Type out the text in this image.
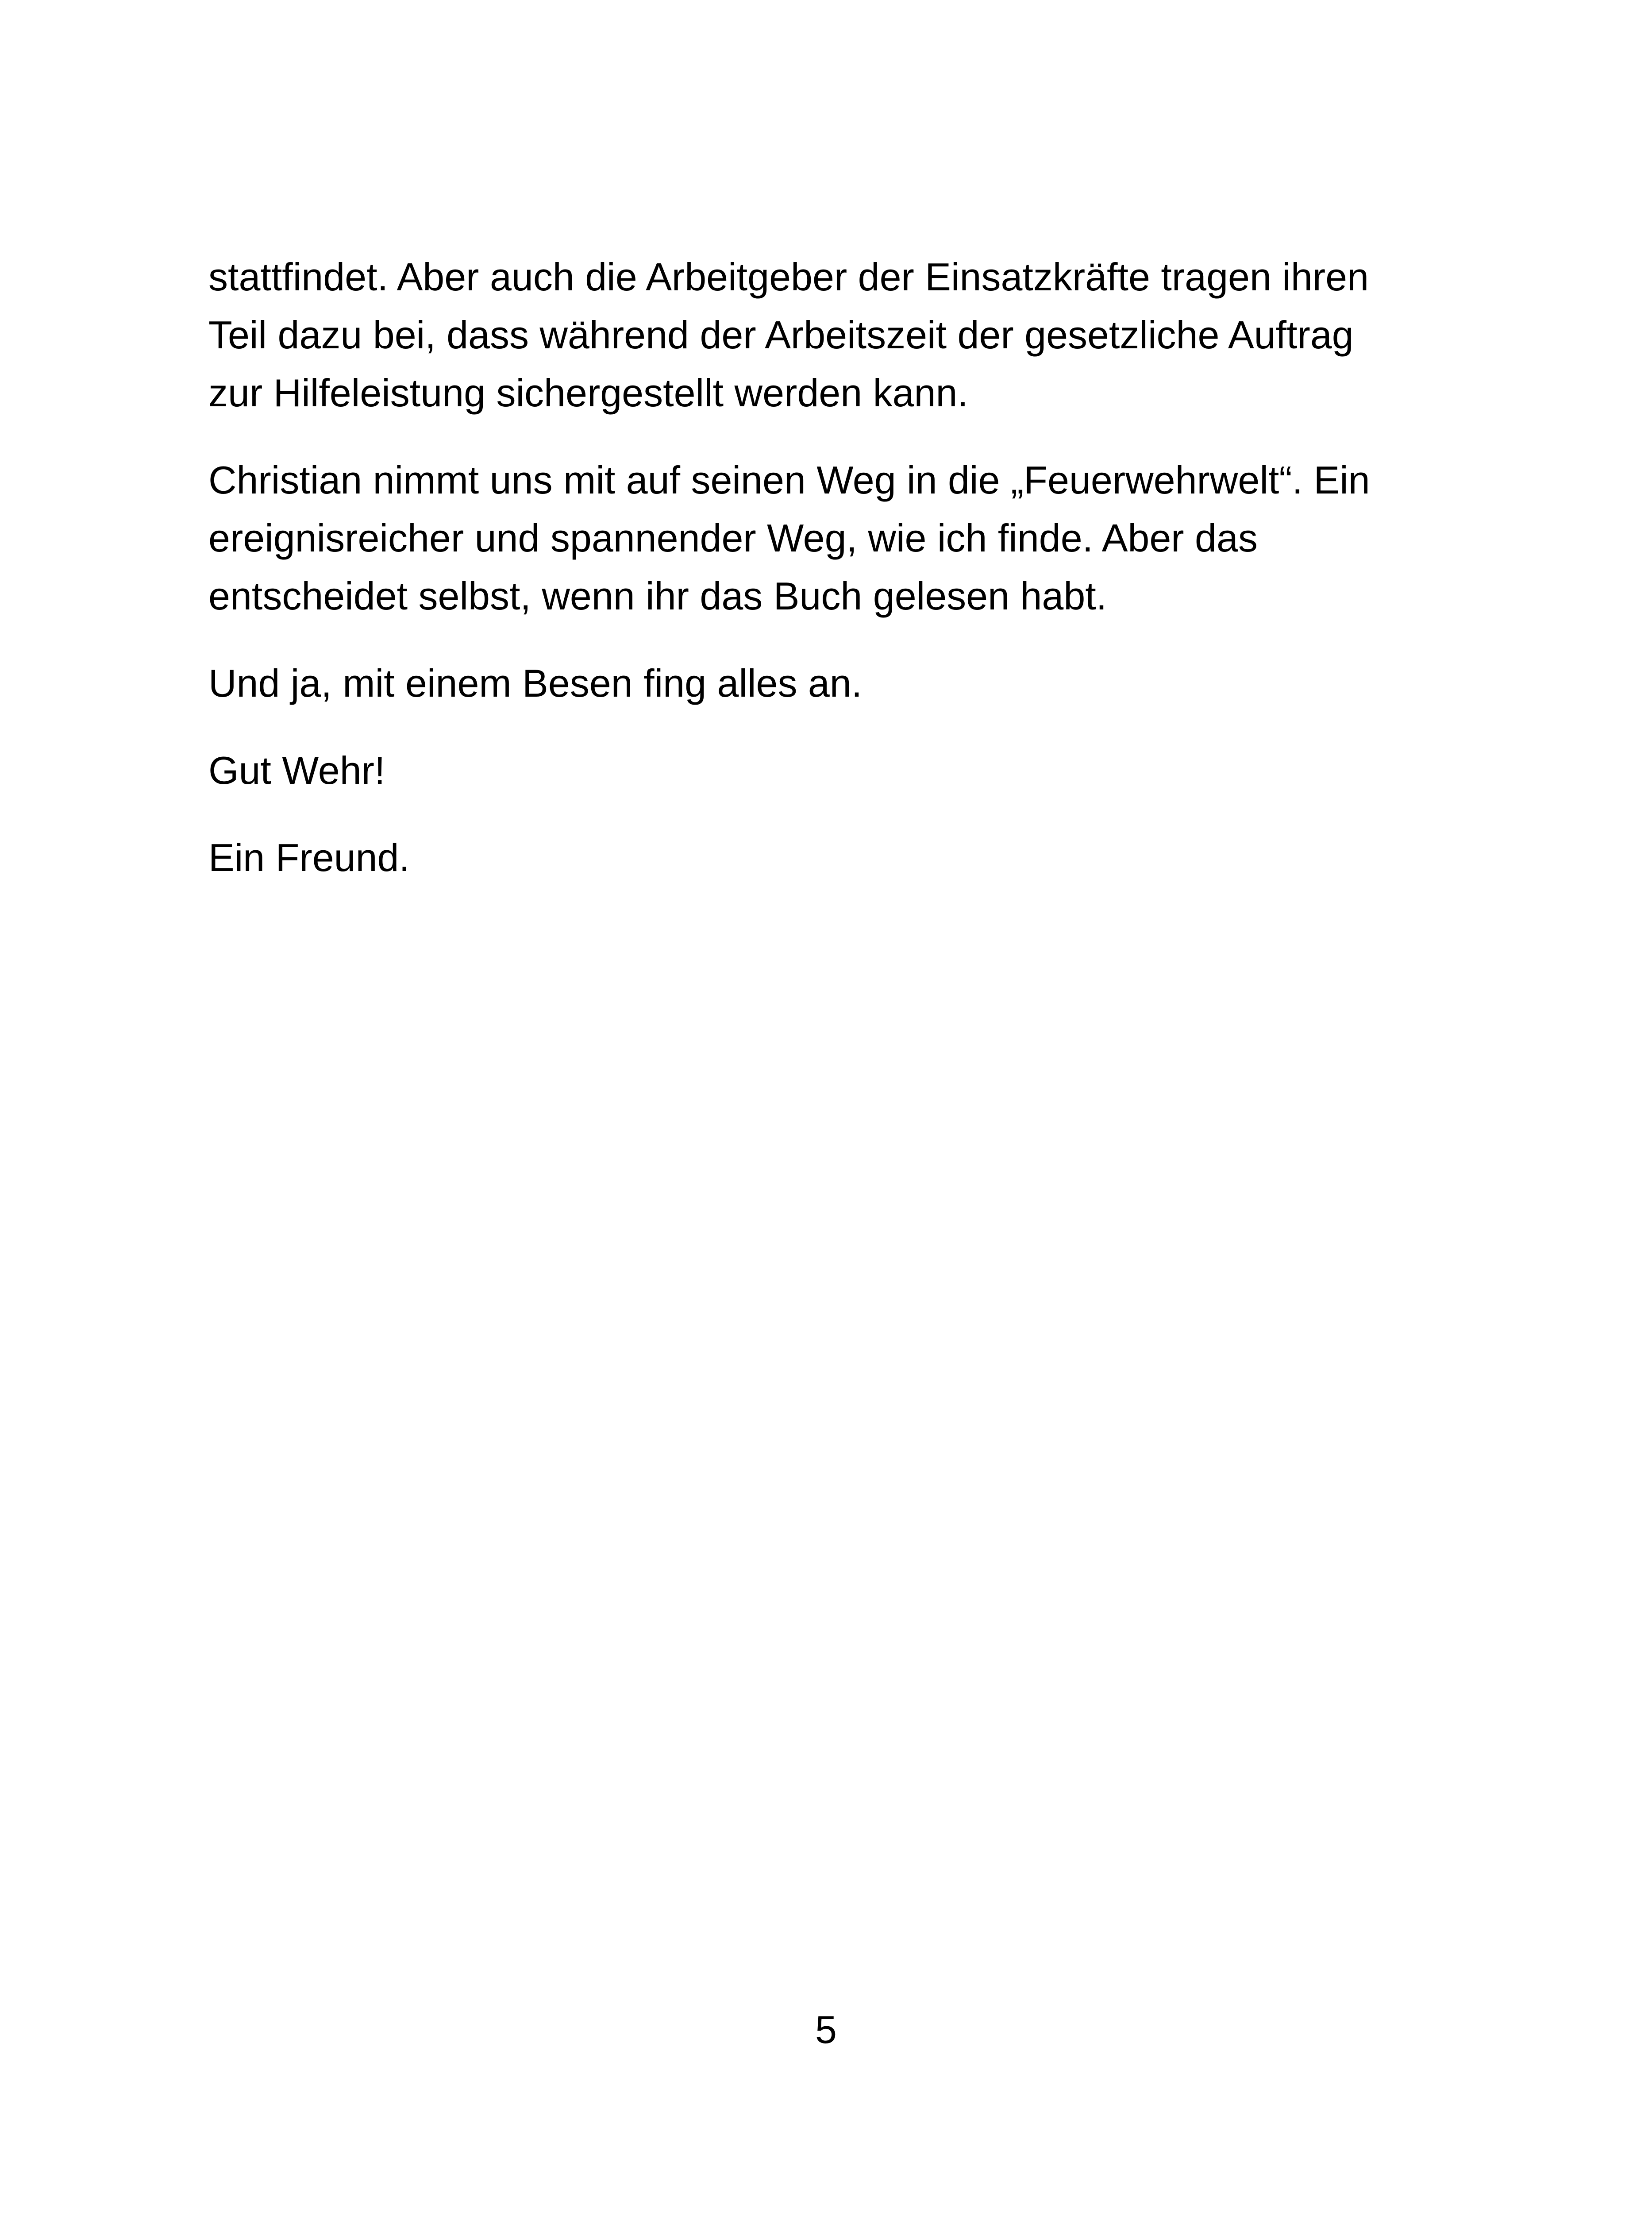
stattfindet. Aber auch die Arbeitgeber der Einsatzkräfte tragen ihren
Teil dazu bei, dass während der Arbeitszeit der gesetzliche Auftrag
zur Hilfeleistung sichergestellt werden kann.

Christian nimmt uns mit auf seinen Weg in die „Feuerwehrwelt“. Ein
ereignisreicher und spannender Weg, wie ich finde. Aber das
entscheidet selbst, wenn ihr das Buch gelesen habt.

Und ja, mit einem Besen fing alles an.

Gut Wehr!

Ein Freund.

5
